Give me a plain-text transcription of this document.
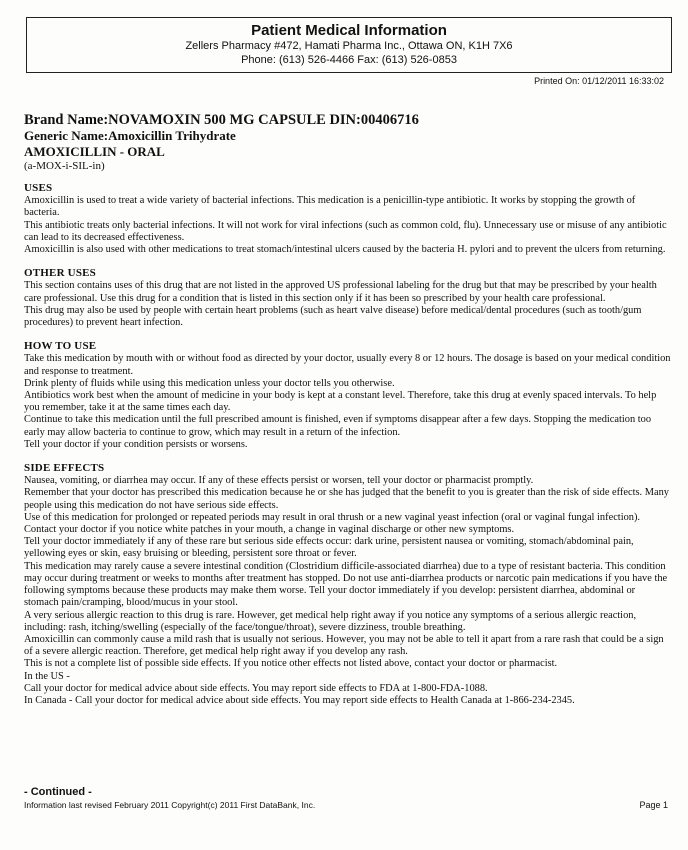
Patient Medical Information
Zellers Pharmacy #472, Hamati Pharma Inc., Ottawa ON, K1H 7X6
Phone: (613) 526-4466 Fax: (613) 526-0853
Printed On: 01/12/2011 16:33:02
Brand Name:NOVAMOXIN 500 MG CAPSULE DIN:00406716
Generic Name:Amoxicillin Trihydrate
AMOXICILLIN - ORAL
(a-MOX-i-SIL-in)
USES

Amoxicillin is used to treat a wide variety of bacterial infections. This medication is a penicillin-type antibiotic. It works by stopping the growth of bacteria.

This antibiotic treats only bacterial infections. It will not work for viral infections (such as common cold, flu). Unnecessary use or misuse of any antibiotic can lead to its decreased effectiveness.

Amoxicillin is also used with other medications to treat stomach/intestinal ulcers caused by the bacteria H. pylori and to prevent the ulcers from returning.

OTHER USES

This section contains uses of this drug that are not listed in the approved US professional labeling for the drug but that may be prescribed by your health care professional. Use this drug for a condition that is listed in this section only if it has been so prescribed by your health care professional.

This drug may also be used by people with certain heart problems (such as heart valve disease) before medical/dental procedures (such as tooth/gum procedures) to prevent heart infection.

HOW TO USE

Take this medication by mouth with or without food as directed by your doctor, usually every 8 or 12 hours. The dosage is based on your medical condition and response to treatment.

Drink plenty of fluids while using this medication unless your doctor tells you otherwise.

Antibiotics work best when the amount of medicine in your body is kept at a constant level. Therefore, take this drug at evenly spaced intervals. To help you remember, take it at the same times each day.

Continue to take this medication until the full prescribed amount is finished, even if symptoms disappear after a few days. Stopping the medication too early may allow bacteria to continue to grow, which may result in a return of the infection.

Tell your doctor if your condition persists or worsens.

SIDE EFFECTS

Nausea, vomiting, or diarrhea may occur. If any of these effects persist or worsen, tell your doctor or pharmacist promptly.

Remember that your doctor has prescribed this medication because he or she has judged that the benefit to you is greater than the risk of side effects. Many people using this medication do not have serious side effects.

Use of this medication for prolonged or repeated periods may result in oral thrush or a new vaginal yeast infection (oral or vaginal fungal infection). Contact your doctor if you notice white patches in your mouth, a change in vaginal discharge or other new symptoms.

Tell your doctor immediately if any of these rare but serious side effects occur: dark urine, persistent nausea or vomiting, stomach/abdominal pain, yellowing eyes or skin, easy bruising or bleeding, persistent sore throat or fever.

This medication may rarely cause a severe intestinal condition (Clostridium difficile-associated diarrhea) due to a type of resistant bacteria. This condition may occur during treatment or weeks to months after treatment has stopped. Do not use anti-diarrhea products or narcotic pain medications if you have the following symptoms because these products may make them worse. Tell your doctor immediately if you develop: persistent diarrhea, abdominal or stomach pain/cramping, blood/mucus in your stool.

A very serious allergic reaction to this drug is rare. However, get medical help right away if you notice any symptoms of a serious allergic reaction, including: rash, itching/swelling (especially of the face/tongue/throat), severe dizziness, trouble breathing.

Amoxicillin can commonly cause a mild rash that is usually not serious. However, you may not be able to tell it apart from a rare rash that could be a sign of a severe allergic reaction. Therefore, get medical help right away if you develop any rash.

This is not a complete list of possible side effects. If you notice other effects not listed above, contact your doctor or pharmacist.

In the US -

Call your doctor for medical advice about side effects. You may report side effects to FDA at 1-800-FDA-1088.

In Canada - Call your doctor for medical advice about side effects. You may report side effects to Health Canada at 1-866-234-2345.

- Continued -
Information last revised February 2011 Copyright(c) 2011 First DataBank, Inc.	Page 1
